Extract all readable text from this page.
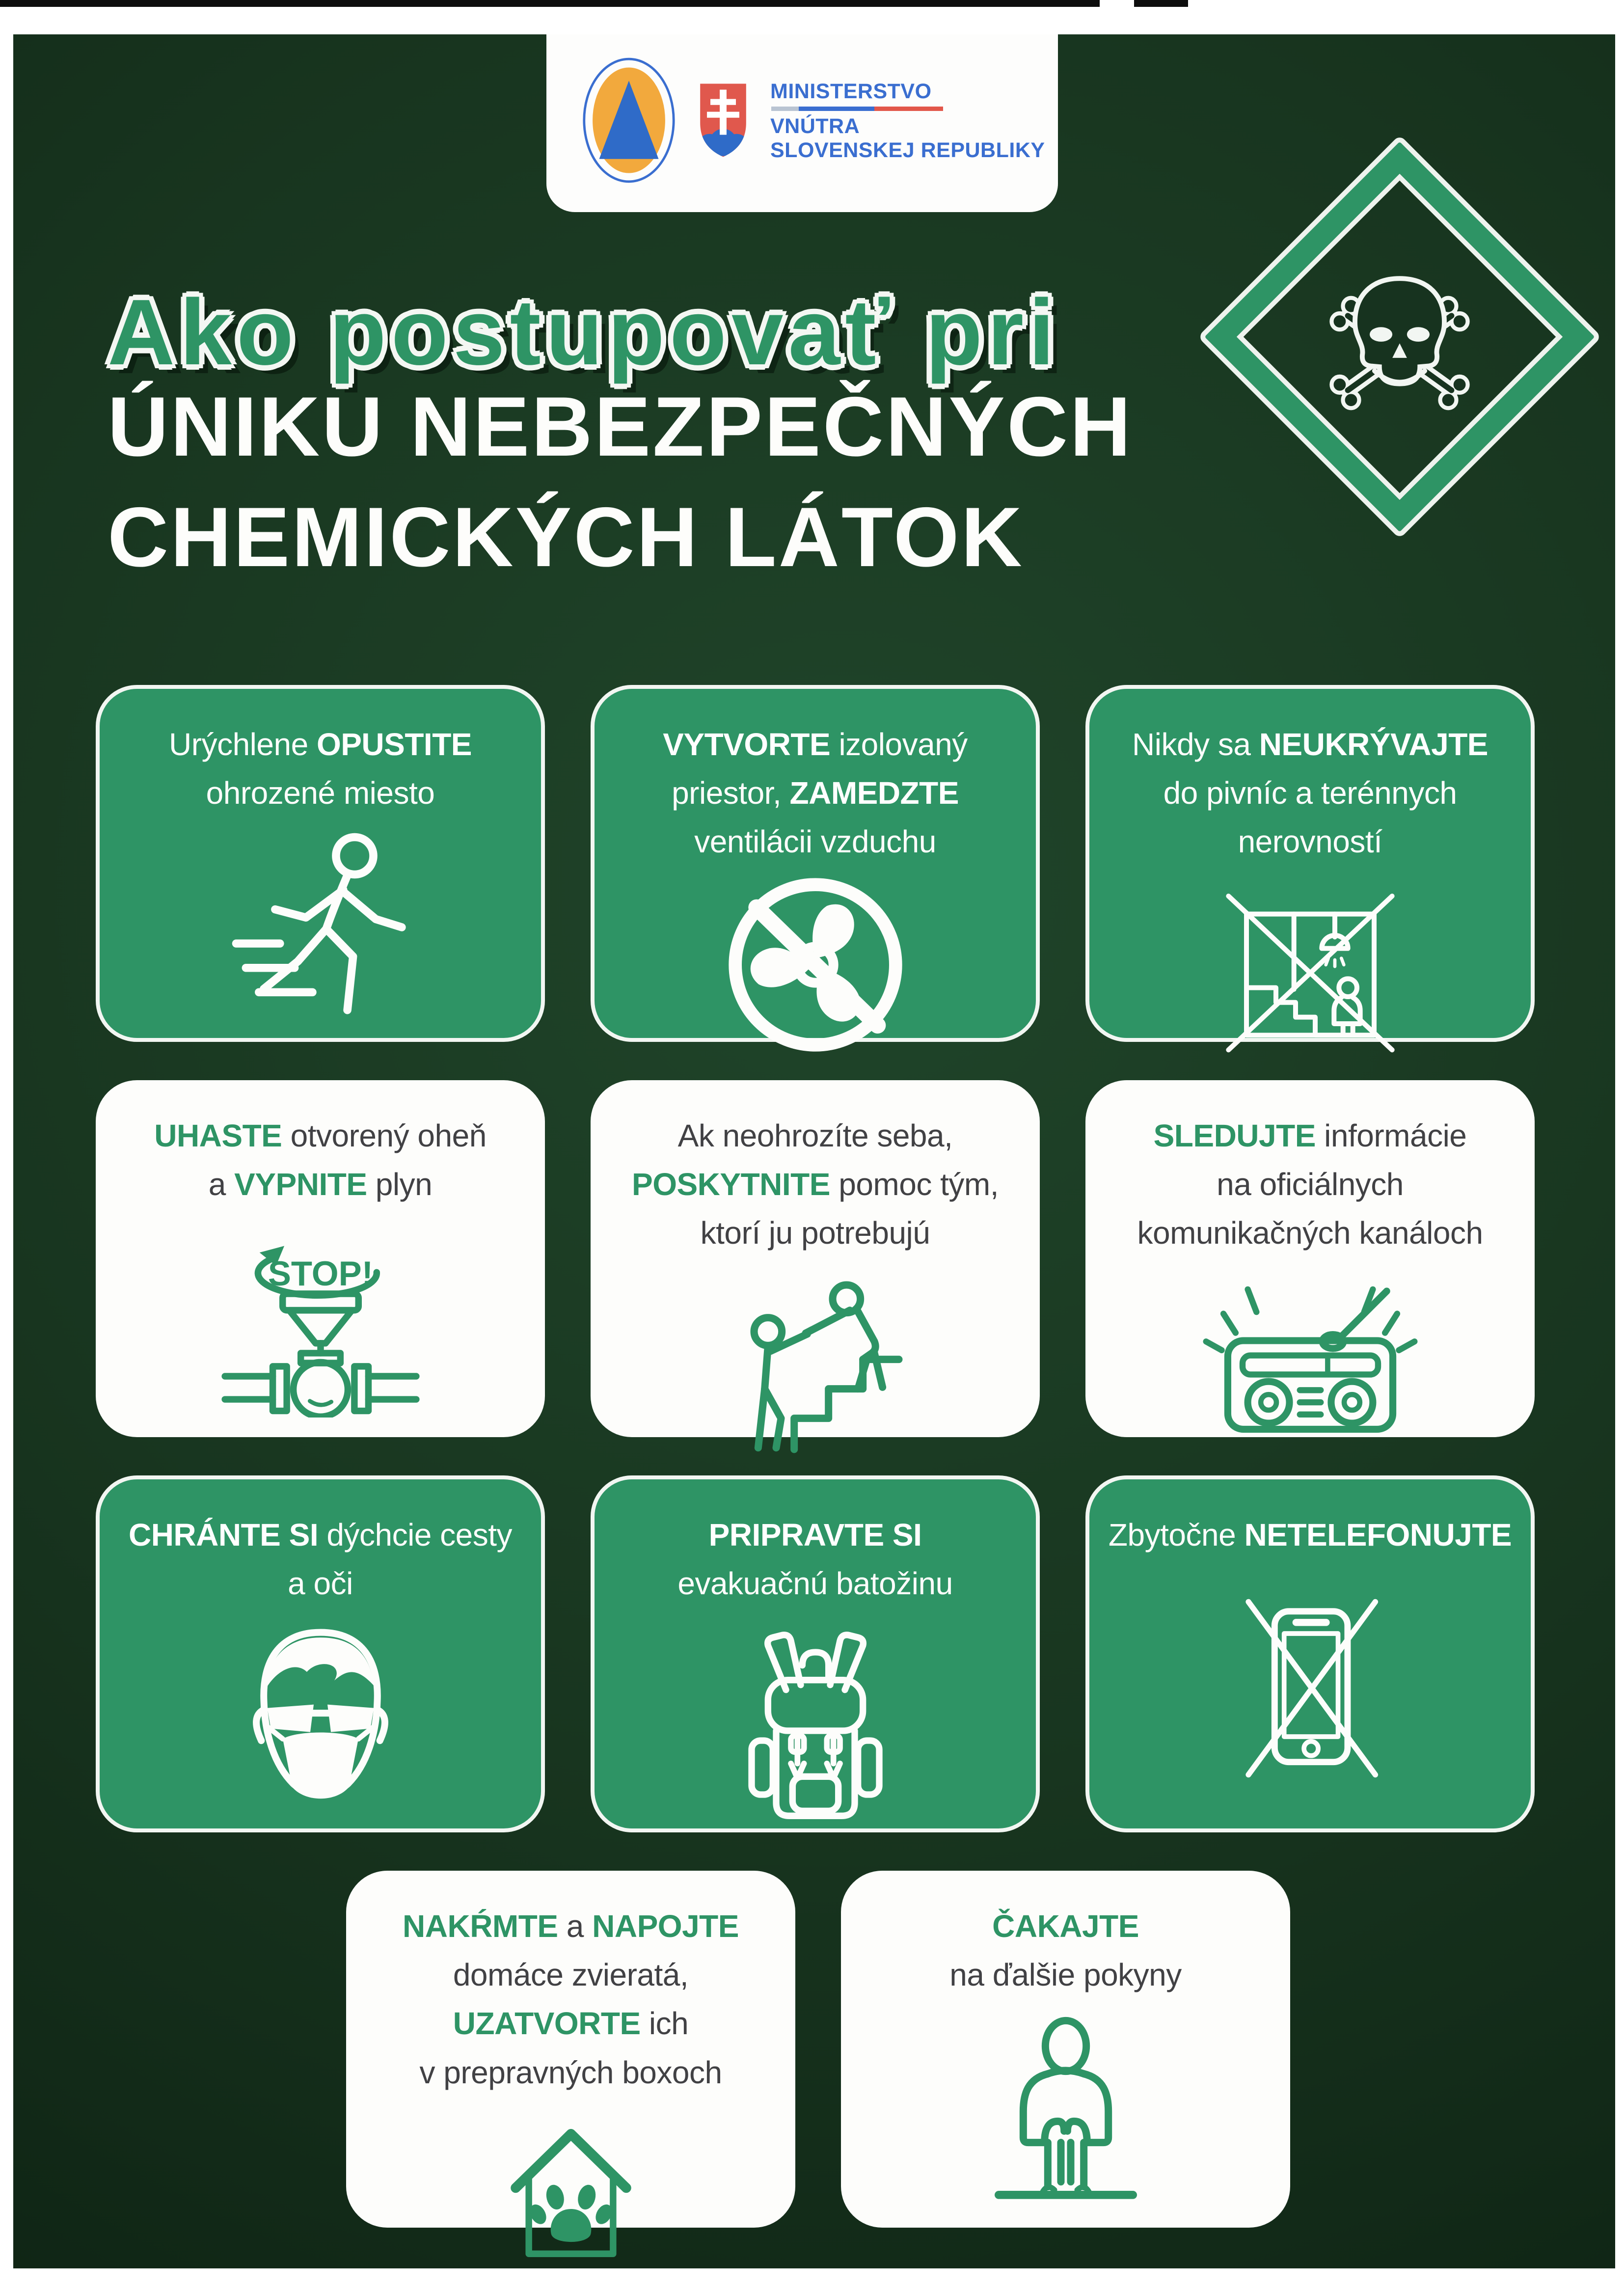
MINISTERSTVO
VNÚTRA
SLOVENSKEJ REPUBLIKY
Ako postupovať pri
ÚNIKU NEBEZPEČNÝCH
CHEMICKÝCH LÁTOK
Urýchlene OPUSTITE
ohrozené miesto
VYTVORTE izolovaný
priestor, ZAMEDZTE
ventilácii vzduchu
Nikdy sa NEUKRÝVAJTE
do pivníc a terénnych
nerovností
UHASTE otvorený oheň
a VYPNITE plyn
STOP!
Ak neohrozíte seba,
POSKYTNITE pomoc tým,
ktorí ju potrebujú
SLEDUJTE informácie
na oficiálnych
komunikačných kanáloch
CHRÁNTE SI dýchcie cesty
a oči
PRIPRAVTE SI
evakuačnú batožinu
Zbytočne NETELEFONUJTE
NAKŔMTE a NAPOJTE
domáce zvieratá,
UZATVORTE ich
v prepravných boxoch
ČAKAJTE
na ďalšie pokyny
